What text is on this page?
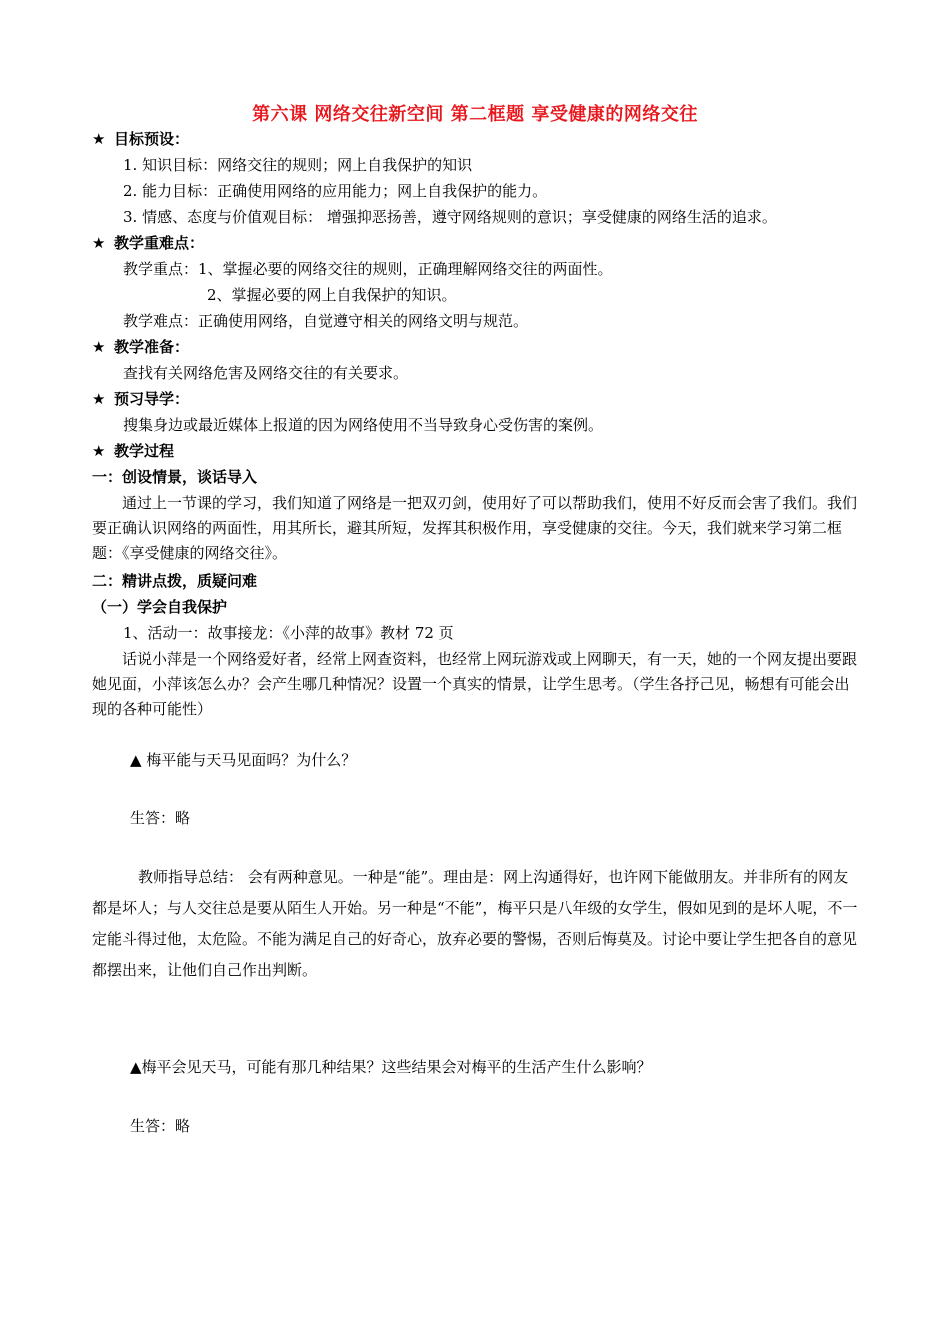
第六课 网络交往新空间 第二框题 享受健康的网络交往
★ 目标预设：
1. 知识目标：网络交往的规则；网上自我保护的知识
2. 能力目标：正确使用网络的应用能力；网上自我保护的能力。
3. 情感、态度与价值观目标： 增强抑恶扬善，遵守网络规则的意识；享受健康的网络生活的追求。
★ 教学重难点：
教学重点：1、掌握必要的网络交往的规则，正确理解网络交往的两面性。
2、掌握必要的网上自我保护的知识。
教学难点：正确使用网络，自觉遵守相关的网络文明与规范。
★ 教学准备：
查找有关网络危害及网络交往的有关要求。
★ 预习导学：
搜集身边或最近媒体上报道的因为网络使用不当导致身心受伤害的案例。
★ 教学过程
一：创设情景，谈话导入
通过上一节课的学习，我们知道了网络是一把双刃剑，使用好了可以帮助我们，使用不好反而会害了我们。我们要正确认识网络的两面性，用其所长，避其所短，发挥其积极作用，享受健康的交往。今天，我们就来学习第二框题：《享受健康的网络交往》。
二：精讲点拨，质疑问难
（一）学会自我保护
1、活动一：故事接龙：《小萍的故事》教材 72 页
话说小萍是一个网络爱好者，经常上网查资料，也经常上网玩游戏或上网聊天，有一天，她的一个网友提出要跟她见面，小萍该怎么办？会产生哪几种情况？设置一个真实的情景，让学生思考。（学生各抒己见，畅想有可能会出现的各种可能性）
▲ 梅平能与天马见面吗？为什么？
生答：略
教师指导总结： 会有两种意见。一种是“能”。理由是：网上沟通得好，也许网下能做朋友。并非所有的网友都是坏人；与人交往总是要从陌生人开始。另一种是“不能”，梅平只是八年级的女学生，假如见到的是坏人呢，不一定能斗得过他，太危险。不能为满足自己的好奇心，放弃必要的警惕，否则后悔莫及。讨论中要让学生把各自的意见都摆出来，让他们自己作出判断。
▲梅平会见天马，可能有那几种结果？这些结果会对梅平的生活产生什么影响？
生答：略
